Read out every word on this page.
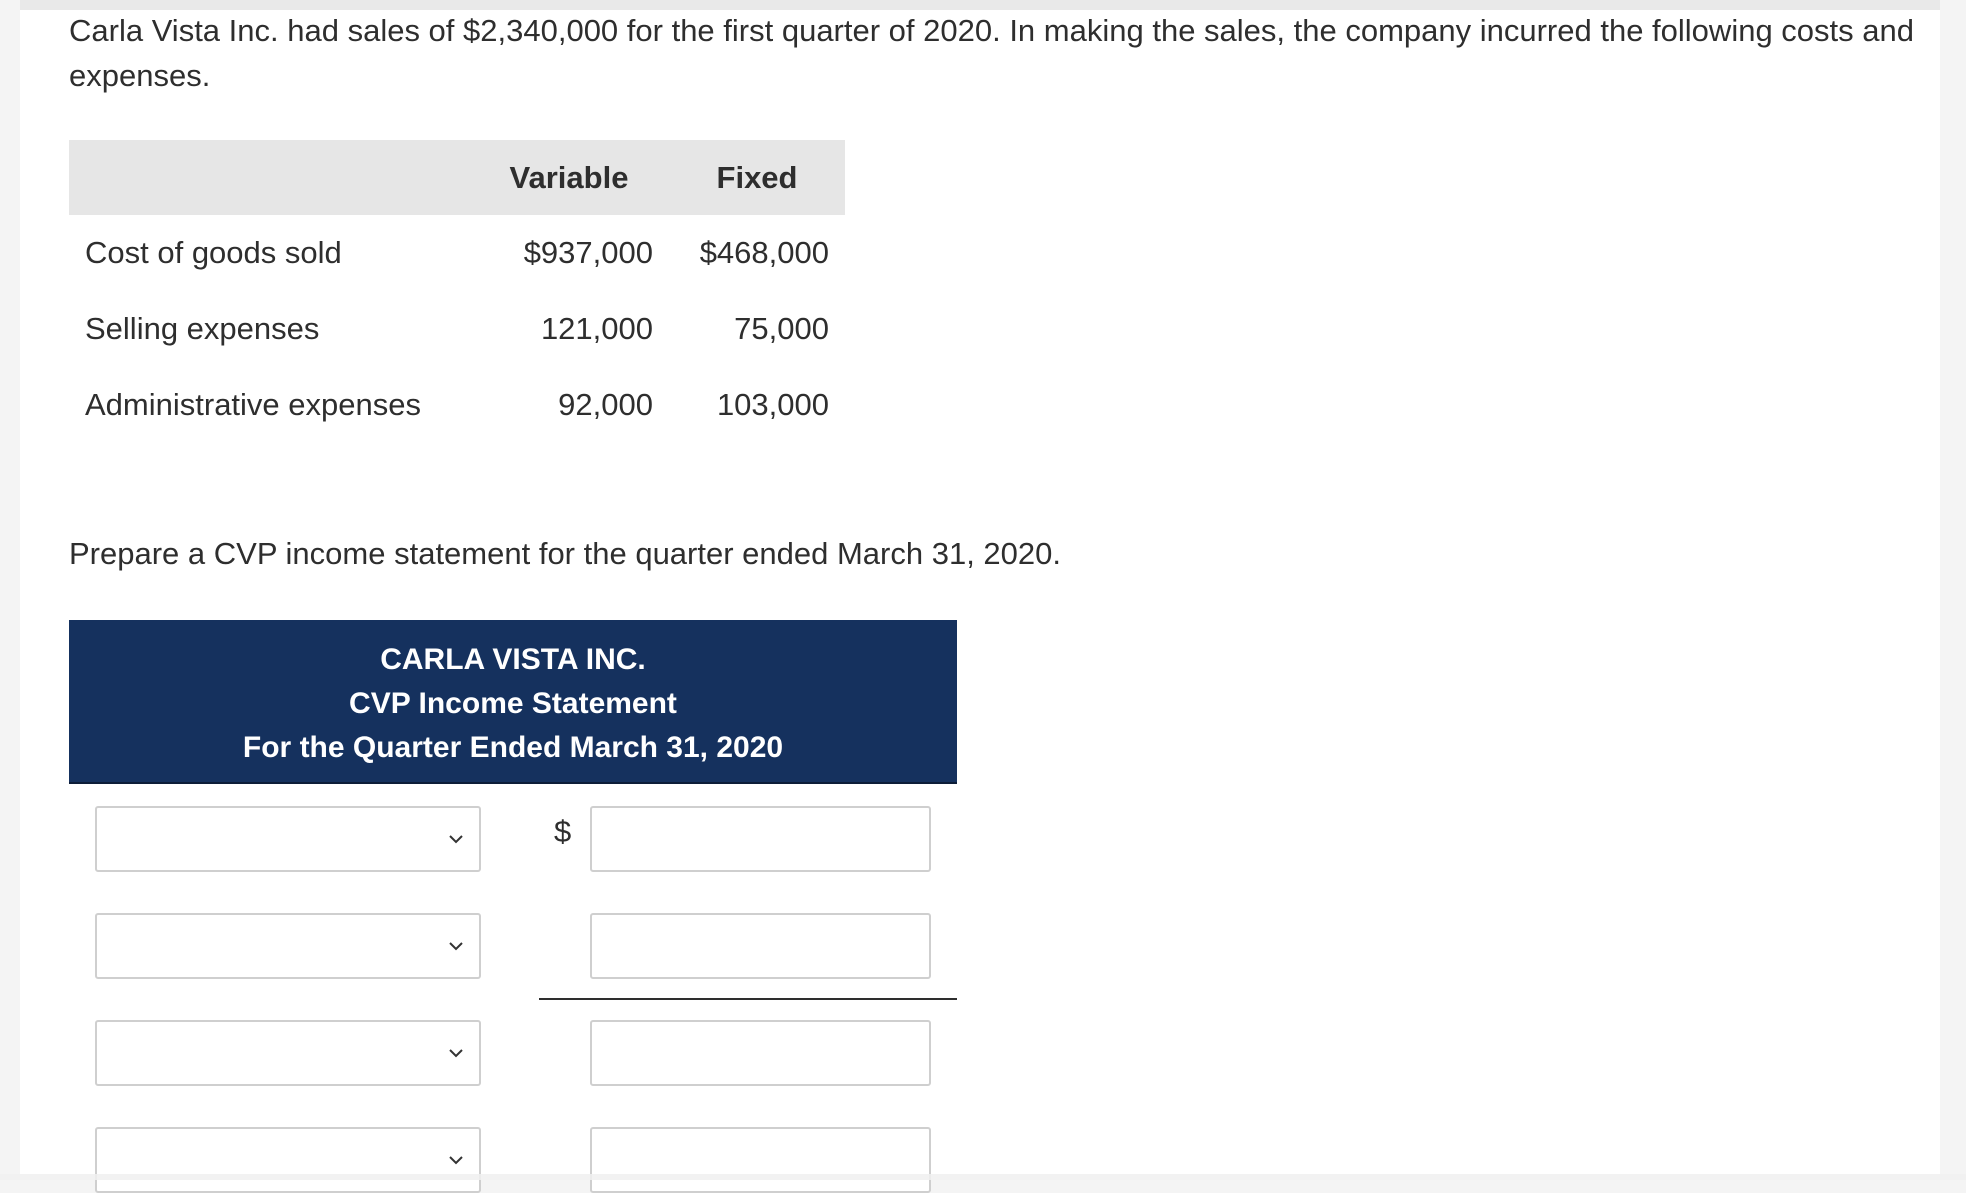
Carla Vista Inc. had sales of $2,340,000 for the first quarter of 2020. In making the sales, the company incurred the following costs and expenses.

	Variable	Fixed
Cost of goods sold	$937,000	$468,000
Selling expenses	121,000	75,000
Administrative expenses	92,000	103,000

Prepare a CVP income statement for the quarter ended March 31, 2020.

CARLA VISTA INC.
CVP Income Statement
For the Quarter Ended March 31, 2020
$
